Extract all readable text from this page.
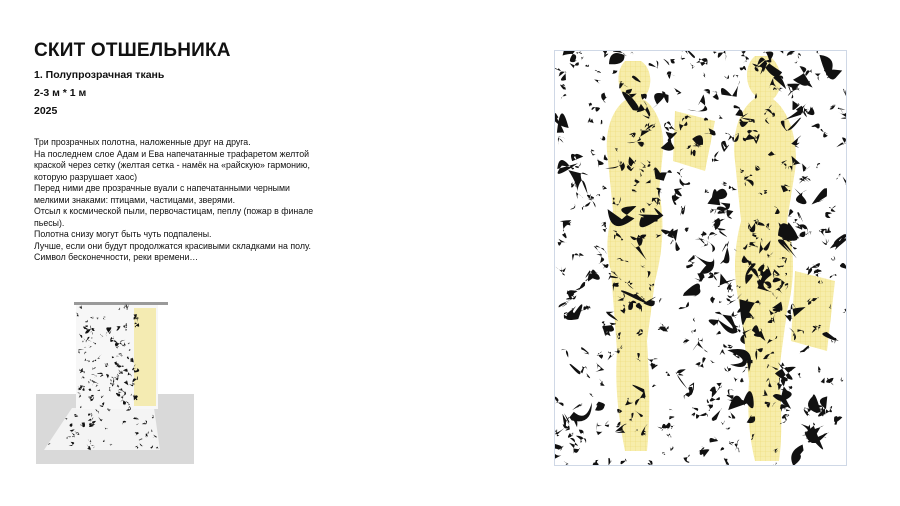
СКИТ ОТШЕЛЬНИКА
1. Полупрозрачная ткань
2-3 м * 1 м
2025
Три прозрачных полотна, наложенные друг на друга.
На последнем слое Адам и Ева напечатанные трафаретом желтой
краской через сетку (желтая сетка - намёк на «райскую» гармонию,
которую разрушает хаос)
Перед ними две прозрачные вуали с напечатанными черными
мелкими знаками: птицами, частицами, зверями.
Отсыл к космической пыли, первочастицам, пеплу (пожар в финале
пьесы).
Полотна снизу могут быть чуть подпалены.
Лучше, если они будут продолжатся красивыми складками на полу.
Символ бесконечности, реки времени…
